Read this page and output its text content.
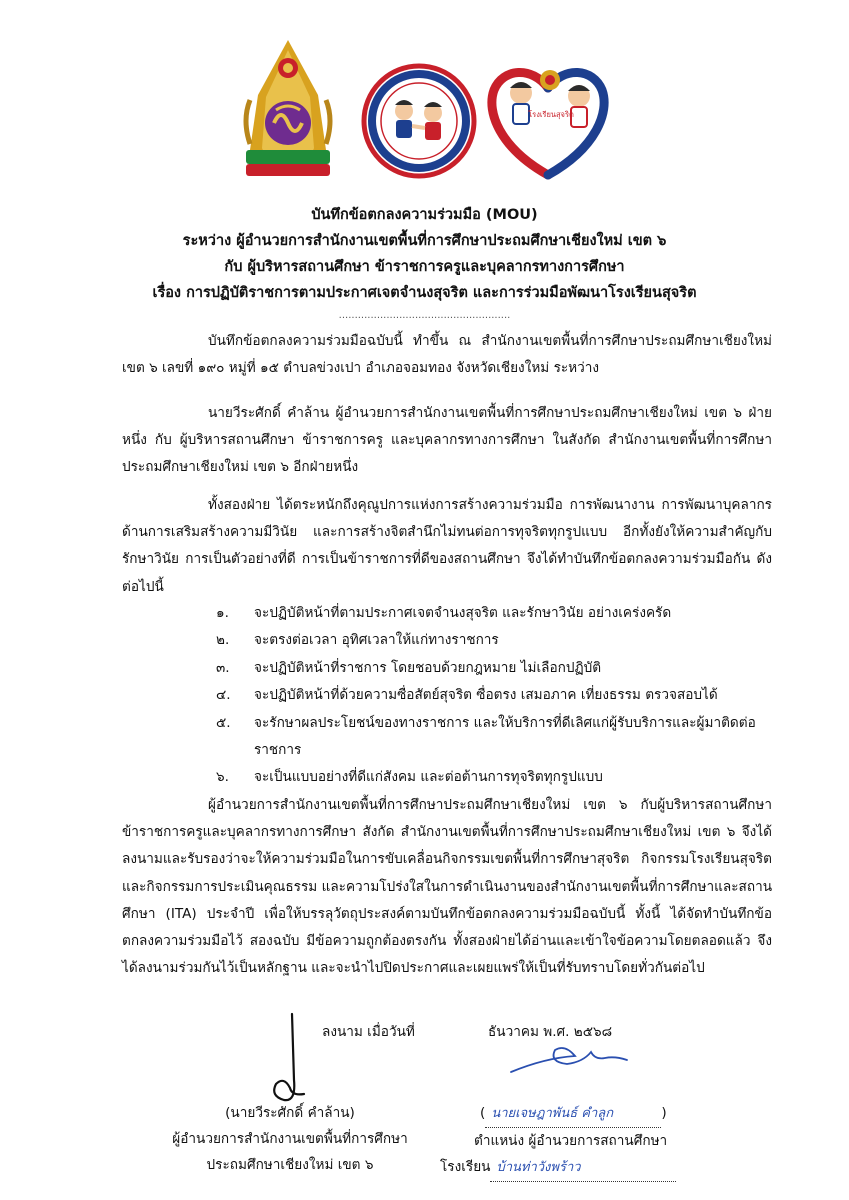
โรงเรียนสุจริต
บันทึกข้อตกลงความร่วมมือ (MOU)
ระหว่าง ผู้อำนวยการสำนักงานเขตพื้นที่การศึกษาประถมศึกษาเชียงใหม่ เขต ๖
กับ ผู้บริหารสถานศึกษา ข้าราชการครูและบุคลากรทางการศึกษา
เรื่อง การปฏิบัติราชการตามประกาศเจตจำนงสุจริต และการร่วมมือพัฒนาโรงเรียนสุจริต
......................................................
บันทึกข้อตกลงความร่วมมือฉบับนี้ ทำขึ้น ณ สำนักงานเขตพื้นที่การศึกษาประถมศึกษาเชียงใหม่ เขต ๖ เลขที่ ๑๙๐ หมู่ที่ ๑๕ ตำบลข่วงเปา อำเภอจอมทอง จังหวัดเชียงใหม่ ระหว่าง
นายวีระศักดิ์ คำล้าน ผู้อำนวยการสำนักงานเขตพื้นที่การศึกษาประถมศึกษาเชียงใหม่ เขต ๖ ฝ่ายหนึ่ง กับ ผู้บริหารสถานศึกษา ข้าราชการครู และบุคลากรทางการศึกษา ในสังกัด สำนักงานเขตพื้นที่การศึกษาประถมศึกษาเชียงใหม่ เขต ๖ อีกฝ่ายหนึ่ง
ทั้งสองฝ่าย ได้ตระหนักถึงคุณูปการแห่งการสร้างความร่วมมือ การพัฒนางาน การพัฒนาบุคลากรด้านการเสริมสร้างความมีวินัย และการสร้างจิตสำนึกไม่ทนต่อการทุจริตทุกรูปแบบ อีกทั้งยังให้ความสำคัญกับรักษาวินัย การเป็นตัวอย่างที่ดี การเป็นข้าราชการที่ดีของสถานศึกษา จึงได้ทำบันทึกข้อตกลงความร่วมมือกัน ดังต่อไปนี้
๑.	จะปฏิบัติหน้าที่ตามประกาศเจตจำนงสุจริต และรักษาวินัย อย่างเคร่งครัด
๒.	จะตรงต่อเวลา อุทิศเวลาให้แก่ทางราชการ
๓.	จะปฏิบัติหน้าที่ราชการ โดยชอบด้วยกฎหมาย ไม่เลือกปฏิบัติ
๔.	จะปฏิบัติหน้าที่ด้วยความซื่อสัตย์สุจริต ซื่อตรง เสมอภาค เที่ยงธรรม ตรวจสอบได้
๕.	จะรักษาผลประโยชน์ของทางราชการ และให้บริการที่ดีเลิศแก่ผู้รับบริการและผู้มาติดต่อราชการ
๖.	จะเป็นแบบอย่างที่ดีแก่สังคม และต่อต้านการทุจริตทุกรูปแบบ
ผู้อำนวยการสำนักงานเขตพื้นที่การศึกษาประถมศึกษาเชียงใหม่ เขต ๖ กับผู้บริหารสถานศึกษา ข้าราชการครูและบุคลากรทางการศึกษา สังกัด สำนักงานเขตพื้นที่การศึกษาประถมศึกษาเชียงใหม่ เขต ๖ จึงได้ลงนามและรับรองว่าจะให้ความร่วมมือในการขับเคลื่อนกิจกรรมเขตพื้นที่การศึกษาสุจริต กิจกรรมโรงเรียนสุจริต และกิจกรรมการประเมินคุณธรรม และความโปร่งใสในการดำเนินงานของสำนักงานเขตพื้นที่การศึกษาและสถานศึกษา (ITA) ประจำปี เพื่อให้บรรลุวัตถุประสงค์ตามบันทึกข้อตกลงความร่วมมือฉบับนี้ ทั้งนี้ ได้จัดทำบันทึกข้อตกลงความร่วมมือไว้ สองฉบับ มีข้อความถูกต้องตรงกัน ทั้งสองฝ่ายได้อ่านและเข้าใจข้อความโดยตลอดแล้ว จึงได้ลงนามร่วมกันไว้เป็นหลักฐาน และจะนำไปปิดประกาศและเผยแพร่ให้เป็นที่รับทราบโดยทั่วกันต่อไป
ลงนาม เมื่อวันที่	ธันวาคม พ.ศ. ๒๕๖๘
(นายวีระศักดิ์ คำล้าน)
ผู้อำนวยการสำนักงานเขตพื้นที่การศึกษา
ประถมศึกษาเชียงใหม่ เขต ๖
( นายเจษฎาพันธ์ คำลูก	)
ตำแหน่ง ผู้อำนวยการสถานศึกษา
โรงเรียน บ้านท่าวังพร้าว
